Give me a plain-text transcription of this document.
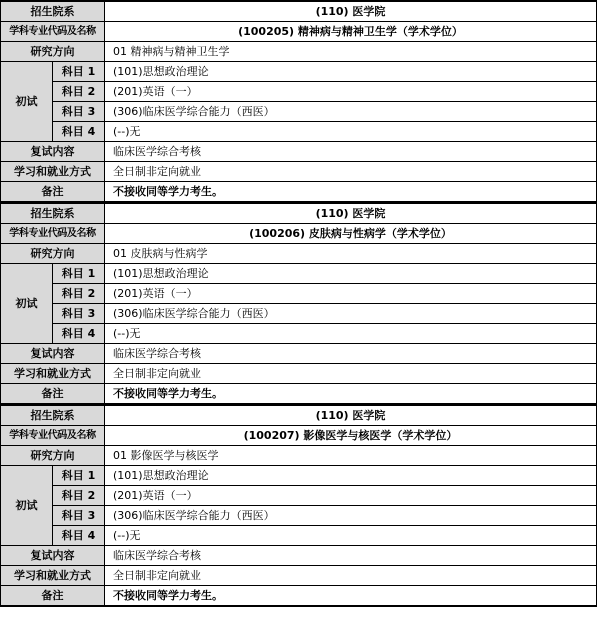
招生院系		(110) 医学院
学科专业代码及名称		(100205) 精神病与精神卫生学（学术学位）
研究方向		01 精神病与精神卫生学
初试	科目 1	(101)思想政治理论
	科目 2	(201)英语（一）
	科目 3	(306)临床医学综合能力（西医）
	科目 4	(--)无
复试内容		临床医学综合考核
学习和就业方式		全日制非定向就业
备注		不接收同等学力考生。
招生院系		(110) 医学院
学科专业代码及名称		(100206) 皮肤病与性病学（学术学位）
研究方向		01 皮肤病与性病学
初试	科目 1	(101)思想政治理论
	科目 2	(201)英语（一）
	科目 3	(306)临床医学综合能力（西医）
	科目 4	(--)无
复试内容		临床医学综合考核
学习和就业方式		全日制非定向就业
备注		不接收同等学力考生。
招生院系		(110) 医学院
学科专业代码及名称		(100207) 影像医学与核医学（学术学位）
研究方向		01 影像医学与核医学
初试	科目 1	(101)思想政治理论
	科目 2	(201)英语（一）
	科目 3	(306)临床医学综合能力（西医）
	科目 4	(--)无
复试内容		临床医学综合考核
学习和就业方式		全日制非定向就业
备注		不接收同等学力考生。
